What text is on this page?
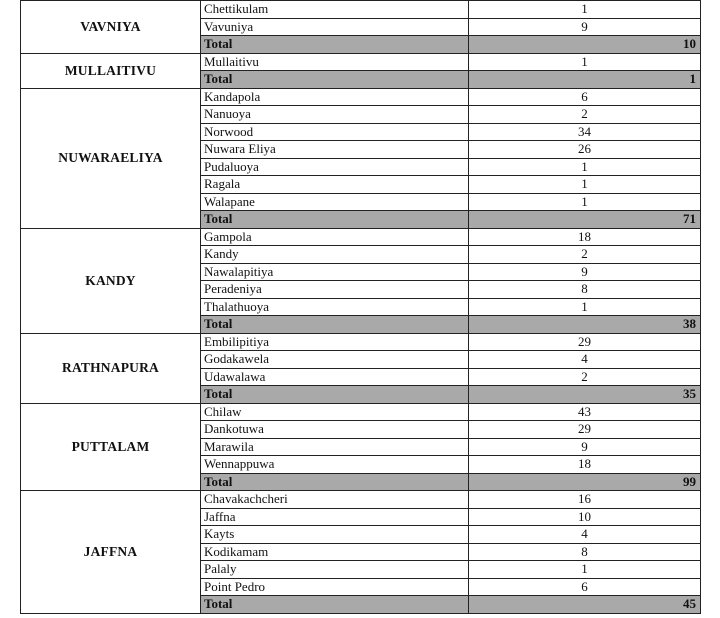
VAVNIYA	Chettikulam	1
	Vavuniya	9
	Total	10
MULLAITIVU	Mullaitivu	1
	Total	1
NUWARAELIYA	Kandapola	6
	Nanuoya	2
	Norwood	34
	Nuwara Eliya	26
	Pudaluoya	1
	Ragala	1
	Walapane	1
	Total	71
KANDY	Gampola	18
	Kandy	2
	Nawalapitiya	9
	Peradeniya	8
	Thalathuoya	1
	Total	38
RATHNAPURA	Embilipitiya	29
	Godakawela	4
	Udawalawa	2
	Total	35
PUTTALAM	Chilaw	43
	Dankotuwa	29
	Marawila	9
	Wennappuwa	18
	Total	99
JAFFNA	Chavakachcheri	16
	Jaffna	10
	Kayts	4
	Kodikamam	8
	Palaly	1
	Point Pedro	6
	Total	45
